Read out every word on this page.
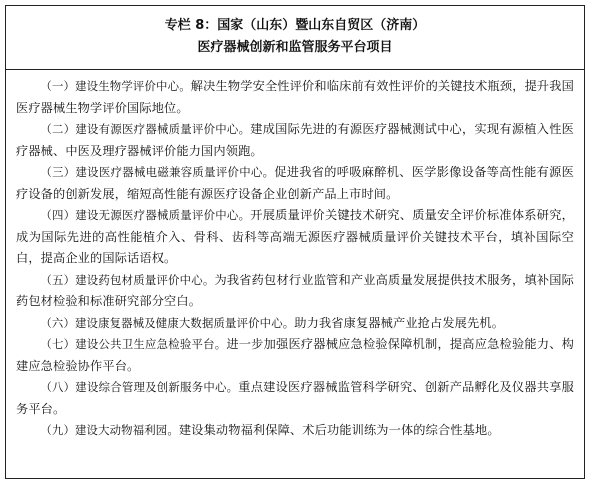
专栏 8：国家（山东）暨山东自贸区（济南）
医疗器械创新和监管服务平台项目

（一）建设生物学评价中心。解决生物学安全性评价和临床前有效性评价的关键技术瓶颈，提升我国医疗器械生物学评价国际地位。

（二）建设有源医疗器械质量评价中心。建成国际先进的有源医疗器械测试中心，实现有源植入性医疗器械、中医及理疗器械评价能力国内领跑。

（三）建设医疗器械电磁兼容质量评价中心。促进我省的呼吸麻醉机、医学影像设备等高性能有源医疗设备的创新发展，缩短高性能有源医疗设备企业创新产品上市时间。

（四）建设无源医疗器械质量评价中心。开展质量评价关键技术研究、质量安全评价标准体系研究，成为国际先进的高性能植介入、骨科、齿科等高端无源医疗器械质量评价关键技术平台，填补国际空白，提高企业的国际话语权。

（五）建设药包材质量评价中心。为我省药包材行业监管和产业高质量发展提供技术服务，填补国际药包材检验和标准研究部分空白。

（六）建设康复器械及健康大数据质量评价中心。助力我省康复器械产业抢占发展先机。

（七）建设公共卫生应急检验平台。进一步加强医疗器械应急检验保障机制，提高应急检验能力、构建应急检验协作平台。

（八）建设综合管理及创新服务中心。重点建设医疗器械监管科学研究、创新产品孵化及仪器共享服务平台。

（九）建设大动物福利园。建设集动物福利保障、术后功能训练为一体的综合性基地。
